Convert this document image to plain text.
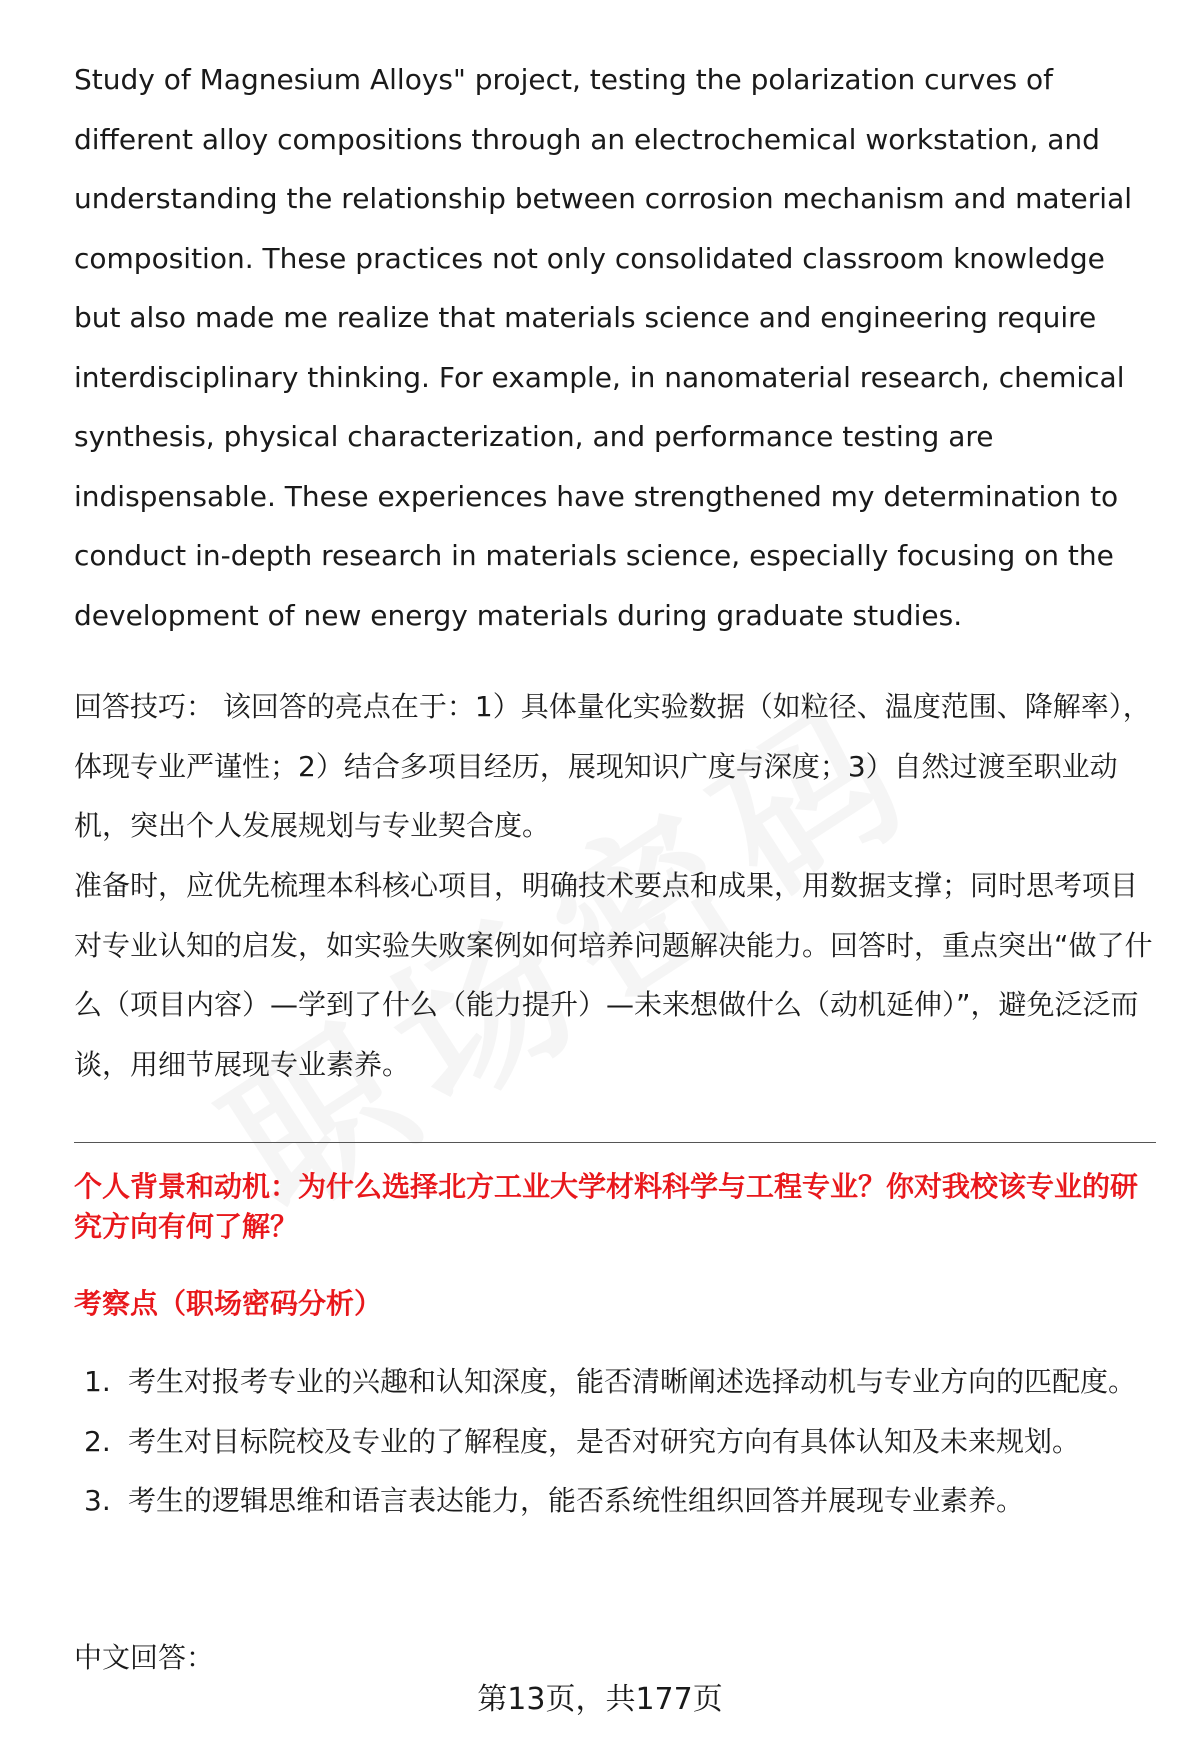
Study of Magnesium Alloys" project, testing the polarization curves of different alloy compositions through an electrochemical workstation, and understanding the relationship between corrosion mechanism and material composition. These practices not only consolidated classroom knowledge but also made me realize that materials science and engineering require interdisciplinary thinking. For example, in nanomaterial research, chemical synthesis, physical characterization, and performance testing are indispensable. These experiences have strengthened my determination to conduct in-depth research in materials science, especially focusing on the development of new energy materials during graduate studies.

回答技巧： 该回答的亮点在于：1）具体量化实验数据（如粒径、温度范围、降解率），体现专业严谨性；2）结合多项目经历，展现知识广度与深度；3）自然过渡至职业动机，突出个人发展规划与专业契合度。

准备时，应优先梳理本科核心项目，明确技术要点和成果，用数据支撑；同时思考项目对专业认知的启发，如实验失败案例如何培养问题解决能力。回答时，重点突出“做了什么（项目内容）—学到了什么（能力提升）—未来想做什么（动机延伸）”，避免泛泛而谈，用细节展现专业素养。

个人背景和动机：为什么选择北方工业大学材料科学与工程专业？你对我校该专业的研究方向有何了解？
考察点（职场密码分析）
1. 考生对报考专业的兴趣和认知深度，能否清晰阐述选择动机与专业方向的匹配度。
2. 考生对目标院校及专业的了解程度，是否对研究方向有具体认知及未来规划。
3. 考生的逻辑思维和语言表达能力，能否系统性组织回答并展现专业素养。

中文回答：

第13页，共177页
